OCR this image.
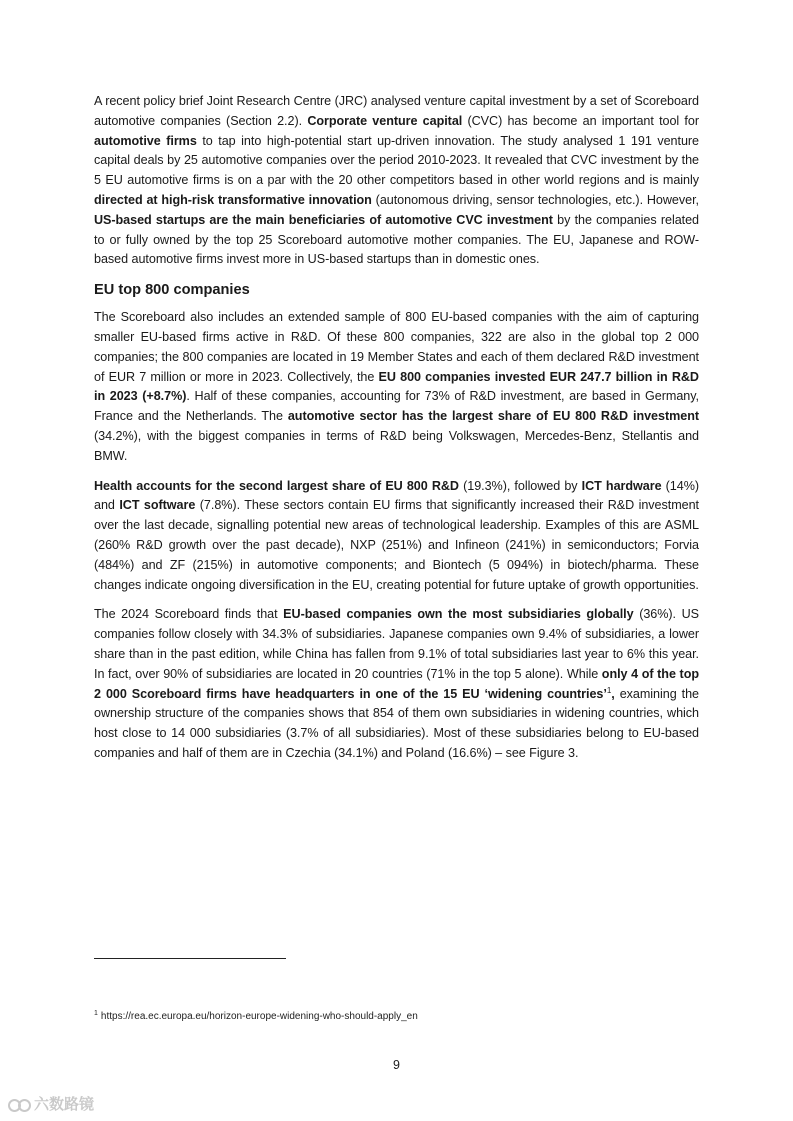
A recent policy brief Joint Research Centre (JRC) analysed venture capital investment by a set of Scoreboard automotive companies (Section 2.2). Corporate venture capital (CVC) has become an important tool for automotive firms to tap into high-potential start up-driven innovation. The study analysed 1 191 venture capital deals by 25 automotive companies over the period 2010-2023. It revealed that CVC investment by the 5 EU automotive firms is on a par with the 20 other competitors based in other world regions and is mainly directed at high-risk transformative innovation (autonomous driving, sensor technologies, etc.). However, US-based startups are the main beneficiaries of automotive CVC investment by the companies related to or fully owned by the top 25 Scoreboard automotive mother companies. The EU, Japanese and ROW-based automotive firms invest more in US-based startups than in domestic ones.

EU top 800 companies

The Scoreboard also includes an extended sample of 800 EU-based companies with the aim of capturing smaller EU-based firms active in R&D. Of these 800 companies, 322 are also in the global top 2 000 companies; the 800 companies are located in 19 Member States and each of them declared R&D investment of EUR 7 million or more in 2023. Collectively, the EU 800 companies invested EUR 247.7 billion in R&D in 2023 (+8.7%). Half of these companies, accounting for 73% of R&D investment, are based in Germany, France and the Netherlands. The automotive sector has the largest share of EU 800 R&D investment (34.2%), with the biggest companies in terms of R&D being Volkswagen, Mercedes-Benz, Stellantis and BMW.

Health accounts for the second largest share of EU 800 R&D (19.3%), followed by ICT hardware (14%) and ICT software (7.8%). These sectors contain EU firms that significantly increased their R&D investment over the last decade, signalling potential new areas of technological leadership. Examples of this are ASML (260% R&D growth over the past decade), NXP (251%) and Infineon (241%) in semiconductors; Forvia (484%) and ZF (215%) in automotive components; and Biontech (5 094%) in biotech/pharma. These changes indicate ongoing diversification in the EU, creating potential for future uptake of growth opportunities.

The 2024 Scoreboard finds that EU-based companies own the most subsidiaries globally (36%). US companies follow closely with 34.3% of subsidiaries. Japanese companies own 9.4% of subsidiaries, a lower share than in the past edition, while China has fallen from 9.1% of total subsidiaries last year to 6% this year. In fact, over 90% of subsidiaries are located in 20 countries (71% in the top 5 alone). While only 4 of the top 2 000 Scoreboard firms have headquarters in one of the 15 EU ‘widening countries’$^1$, examining the ownership structure of the companies shows that 854 of them own subsidiaries in widening countries, which host close to 14 000 subsidiaries (3.7% of all subsidiaries). Most of these subsidiaries belong to EU-based companies and half of them are in Czechia (34.1%) and Poland (16.6%) – see Figure 3.

$^1$ https://rea.ec.europa.eu/horizon-europe-widening-who-should-apply_en
9
六数路镜
